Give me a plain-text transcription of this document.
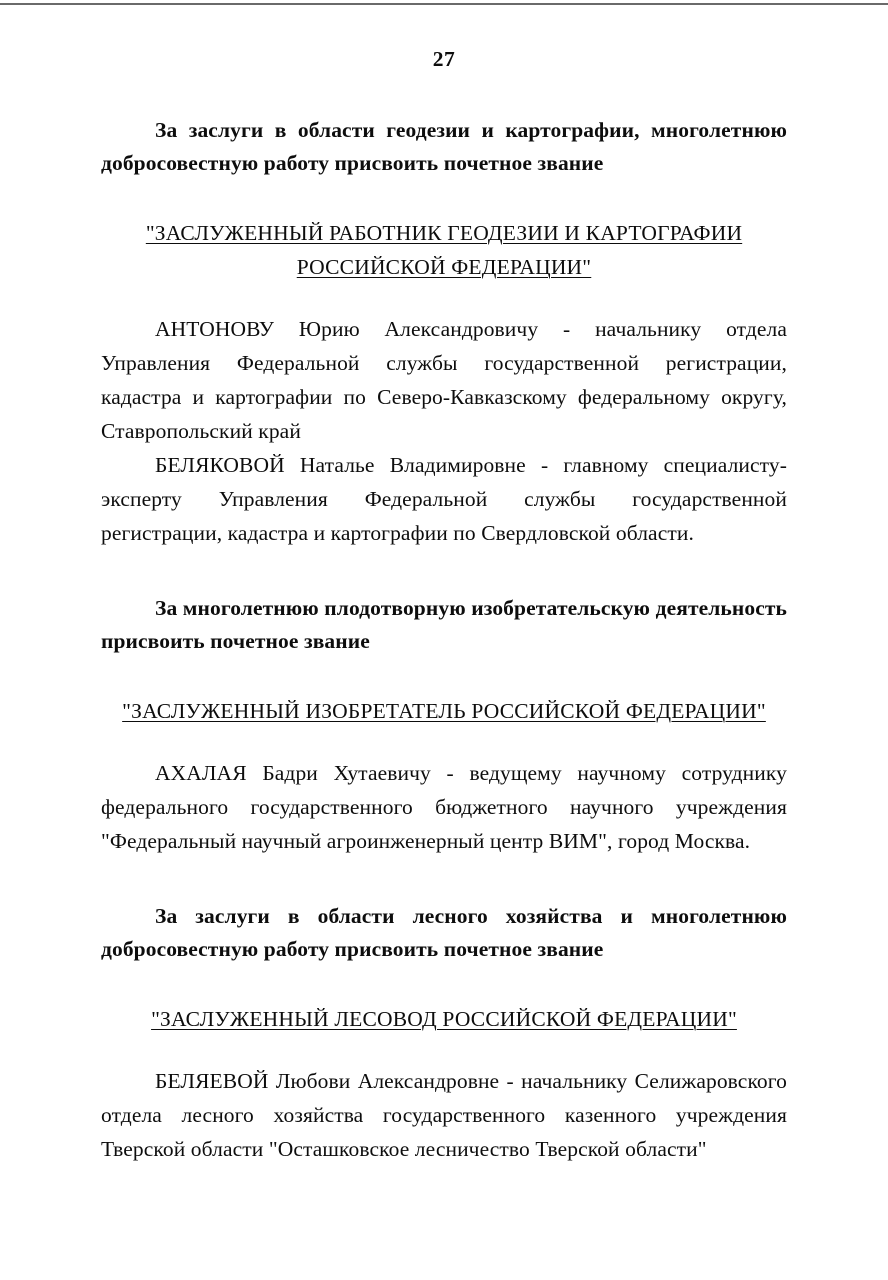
27

За заслуги в области геодезии и картографии, многолетнюю добросовестную работу присвоить почетное звание

"ЗАСЛУЖЕННЫЙ РАБОТНИК ГЕОДЕЗИИ И КАРТОГРАФИИ
РОССИЙСКОЙ ФЕДЕРАЦИИ"

АНТОНОВУ Юрию Александровичу - начальнику отдела Управления Федеральной службы государственной регистрации, кадастра и картографии по Северо-Кавказскому федеральному округу, Ставропольский край

БЕЛЯКОВОЙ Наталье Владимировне - главному специалисту-эксперту Управления Федеральной службы государственной регистрации, кадастра и картографии по Свердловской области.

За многолетнюю плодотворную изобретательскую деятельность присвоить почетное звание

"ЗАСЛУЖЕННЫЙ ИЗОБРЕТАТЕЛЬ РОССИЙСКОЙ ФЕДЕРАЦИИ"

АХАЛАЯ Бадри Хутаевичу - ведущему научному сотруднику федерального государственного бюджетного научного учреждения "Федеральный научный агроинженерный центр ВИМ", город Москва.

За заслуги в области лесного хозяйства и многолетнюю добросовестную работу присвоить почетное звание

"ЗАСЛУЖЕННЫЙ ЛЕСОВОД РОССИЙСКОЙ ФЕДЕРАЦИИ"

БЕЛЯЕВОЙ Любови Александровне - начальнику Селижаровского отдела лесного хозяйства государственного казенного учреждения Тверской области "Осташковское лесничество Тверской области"
